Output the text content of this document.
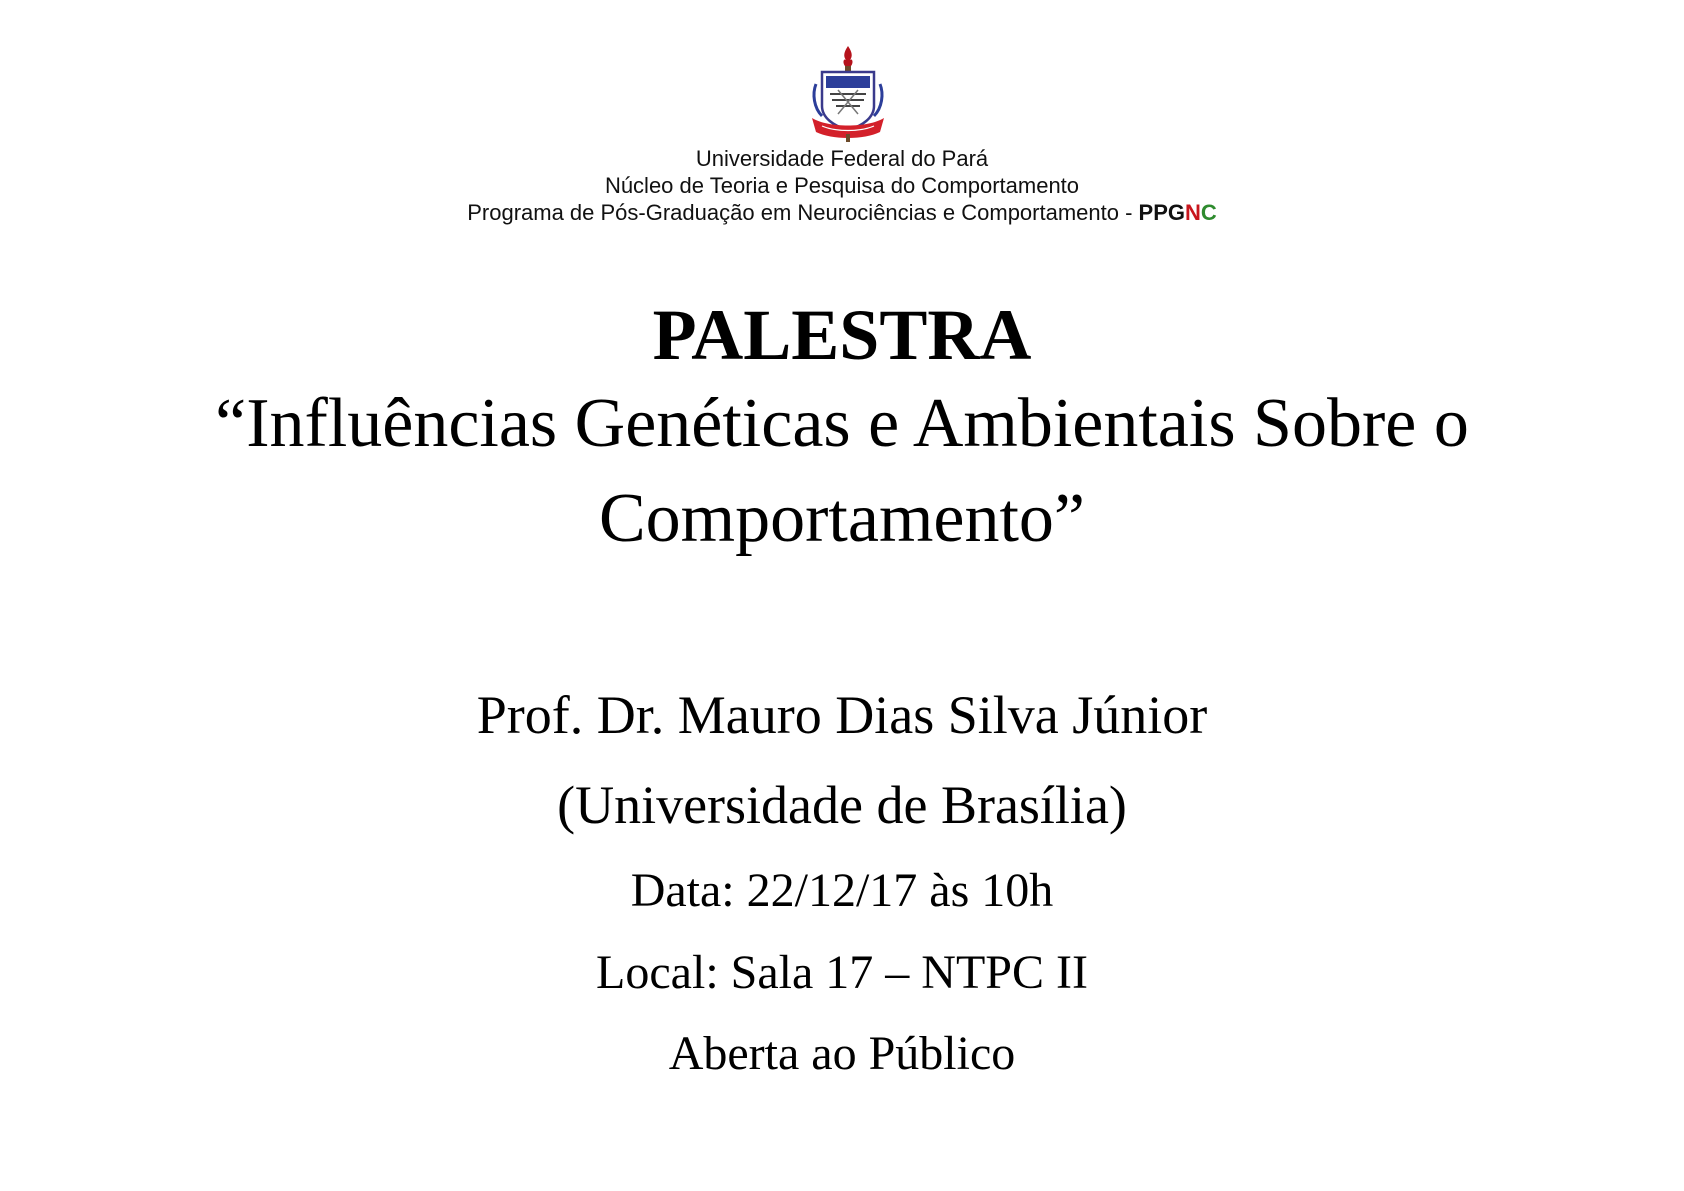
Universidade Federal do Pará
Núcleo de Teoria e Pesquisa do Comportamento
Programa de Pós-Graduação em Neurociências e Comportamento - PPGNC
PALESTRA
“Influências Genéticas e Ambientais Sobre o
Comportamento”
Prof. Dr. Mauro Dias Silva Júnior
(Universidade de Brasília)
Data: 22/12/17 às 10h
Local: Sala 17 – NTPC II
Aberta ao Público
